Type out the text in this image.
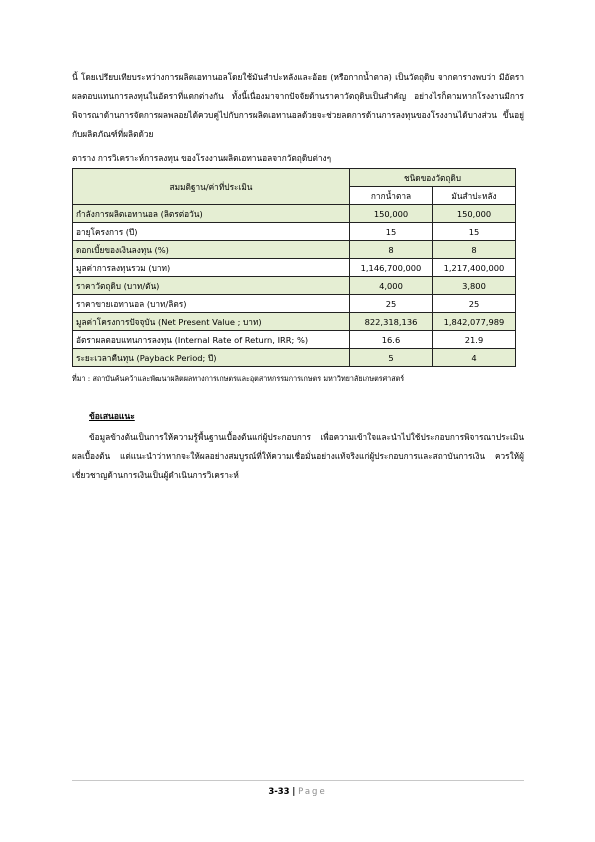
นี้ โดยเปรียบเทียบระหว่างการผลิตเอทานอลโดยใช้มันสำปะหลังและอ้อย (หรือกากน้ำตาล) เป็นวัตถุดิบ จากตารางพบว่า มีอัตราผลตอบแทนการลงทุนในอัตราที่แตกต่างกัน ทั้งนี้เนื่องมาจากปัจจัยด้านราคาวัตถุดิบเป็นสำคัญ อย่างไรก็ตามหากโรงงานมีการพิจารณาด้านการจัดการผลพลอยได้ควบคู่ไปกับการผลิตเอทานอลด้วยจะช่วยลดการด้านการลงทุนของโรงงานได้บางส่วน ขึ้นอยู่กับผลิตภัณฑ์ที่ผลิตด้วย

ตาราง การวิเคราะห์การลงทุน ของโรงงานผลิตเอทานอลจากวัตถุดิบต่างๆ

สมมติฐาน/ค่าที่ประเมิน	ชนิดของวัตถุดิบ	
	กากน้ำตาล	มันสำปะหลัง
กำลังการผลิตเอทานอล (ลิตรต่อวัน)	150,000	150,000
อายุโครงการ (ปี)	15	15
ดอกเบี้ยของเงินลงทุน (%)	8	8
มูลค่าการลงทุนรวม (บาท)	1,146,700,000	1,217,400,000
ราคาวัตถุดิบ (บาท/ตัน)	4,000	3,800
ราคาขายเอทานอล (บาท/ลิตร)	25	25
มูลค่าโครงการปัจจุบัน (Net Present Value ; บาท)	822,318,136	1,842,077,989
อัตราผลตอบแทนการลงทุน (Internal Rate of Return, IRR; %)	16.6	21.9
ระยะเวลาคืนทุน (Payback Period; ปี)	5	4

ที่มา : สถาบันค้นคว้าและพัฒนาผลิตผลทางการเกษตรและอุตสาหกรรมการเกษตร มหาวิทยาลัยเกษตรศาสตร์

ข้อเสนอแนะ

ข้อมูลข้างต้นเป็นการให้ความรู้พื้นฐานเบื้องต้นแก่ผู้ประกอบการ เพื่อความเข้าใจและนำไปใช้ประกอบการพิจารณาประเมินผลเบื้องต้น แต่แนะนำว่าหากจะให้ผลอย่างสมบูรณ์ที่ให้ความเชื่อมั่นอย่างแท้จริงแก่ผู้ประกอบการและสถาบันการเงิน ควรให้ผู้เชี่ยวชาญด้านการเงินเป็นผู้ดำเนินการวิเคราะห์

3-33 | Page
